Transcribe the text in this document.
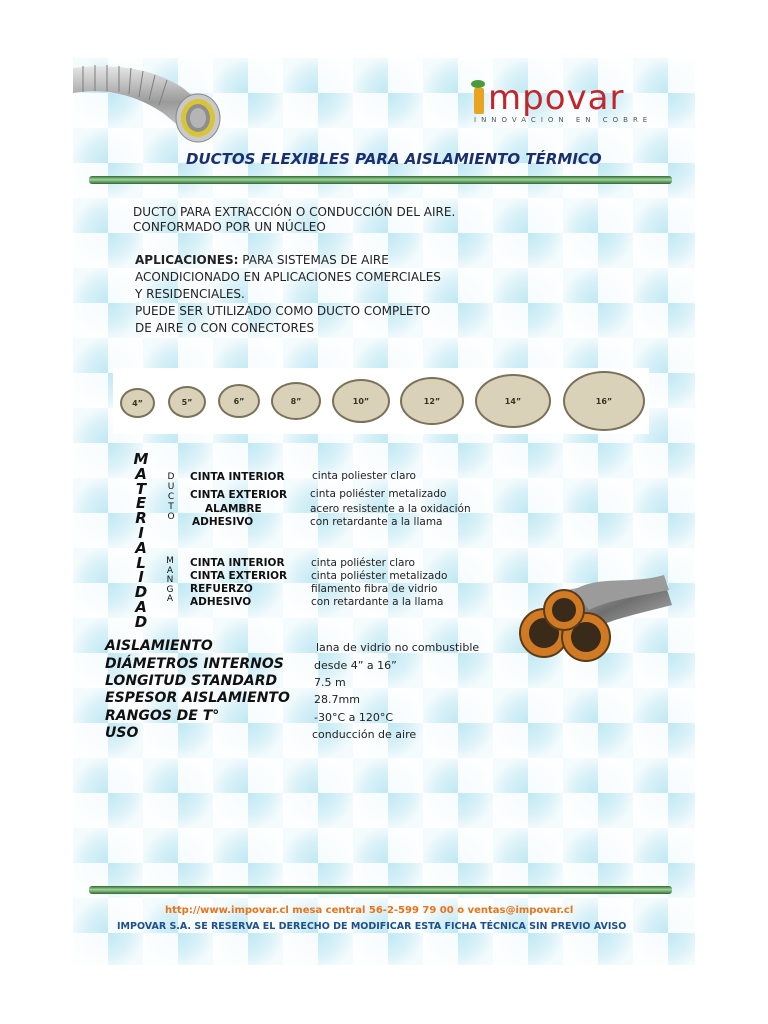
mpovar
INNOVACION EN COBRE
DUCTOS FLEXIBLES PARA AISLAMIENTO TÉRMICO
DUCTO PARA EXTRACCIÓN O CONDUCCIÓN DEL AIRE.
CONFORMADO POR UN NÚCLEO
APLICACIONES: PARA SISTEMAS DE AIRE
ACONDICIONADO EN APLICACIONES COMERCIALES
Y RESIDENCIALES.
PUEDE SER UTILIZADO COMO DUCTO COMPLETO
DE AIRE O CON CONECTORES
4”	5”	6”	8”	10”	12”	14”	16”
M
A
T
E
R
I
A
L
I
D
A
D
D
U
C
T
O
M
A
N
G
A
CINTA INTERIOR	cinta poliester claro
CINTA EXTERIOR cinta poliéster metalizado
ALAMBRE	acero resistente a la oxidación
ADHESIVO	con retardante a la llama
CINTA INTERIOR	cinta poliéster claro
CINTA EXTERIOR cinta poliéster metalizado
REFUERZO	filamento fibra de vidrio
ADHESIVO	con retardante a la llama
AISLAMIENTO	lana de vidrio no combustible
DIÁMETROS INTERNOS	desde 4” a 16”
LONGITUD STANDARD	7.5 m
ESPESOR AISLAMIENTO 28.7mm
RANGOS DE T°	-30°C a 120°C
USO	conducción de aire
http://www.impovar.cl mesa central 56-2-599 79 00 o ventas@impovar.cl
IMPOVAR S.A. SE RESERVA EL DERECHO DE MODIFICAR ESTA FICHA TÉCNICA SIN PREVIO AVISO
